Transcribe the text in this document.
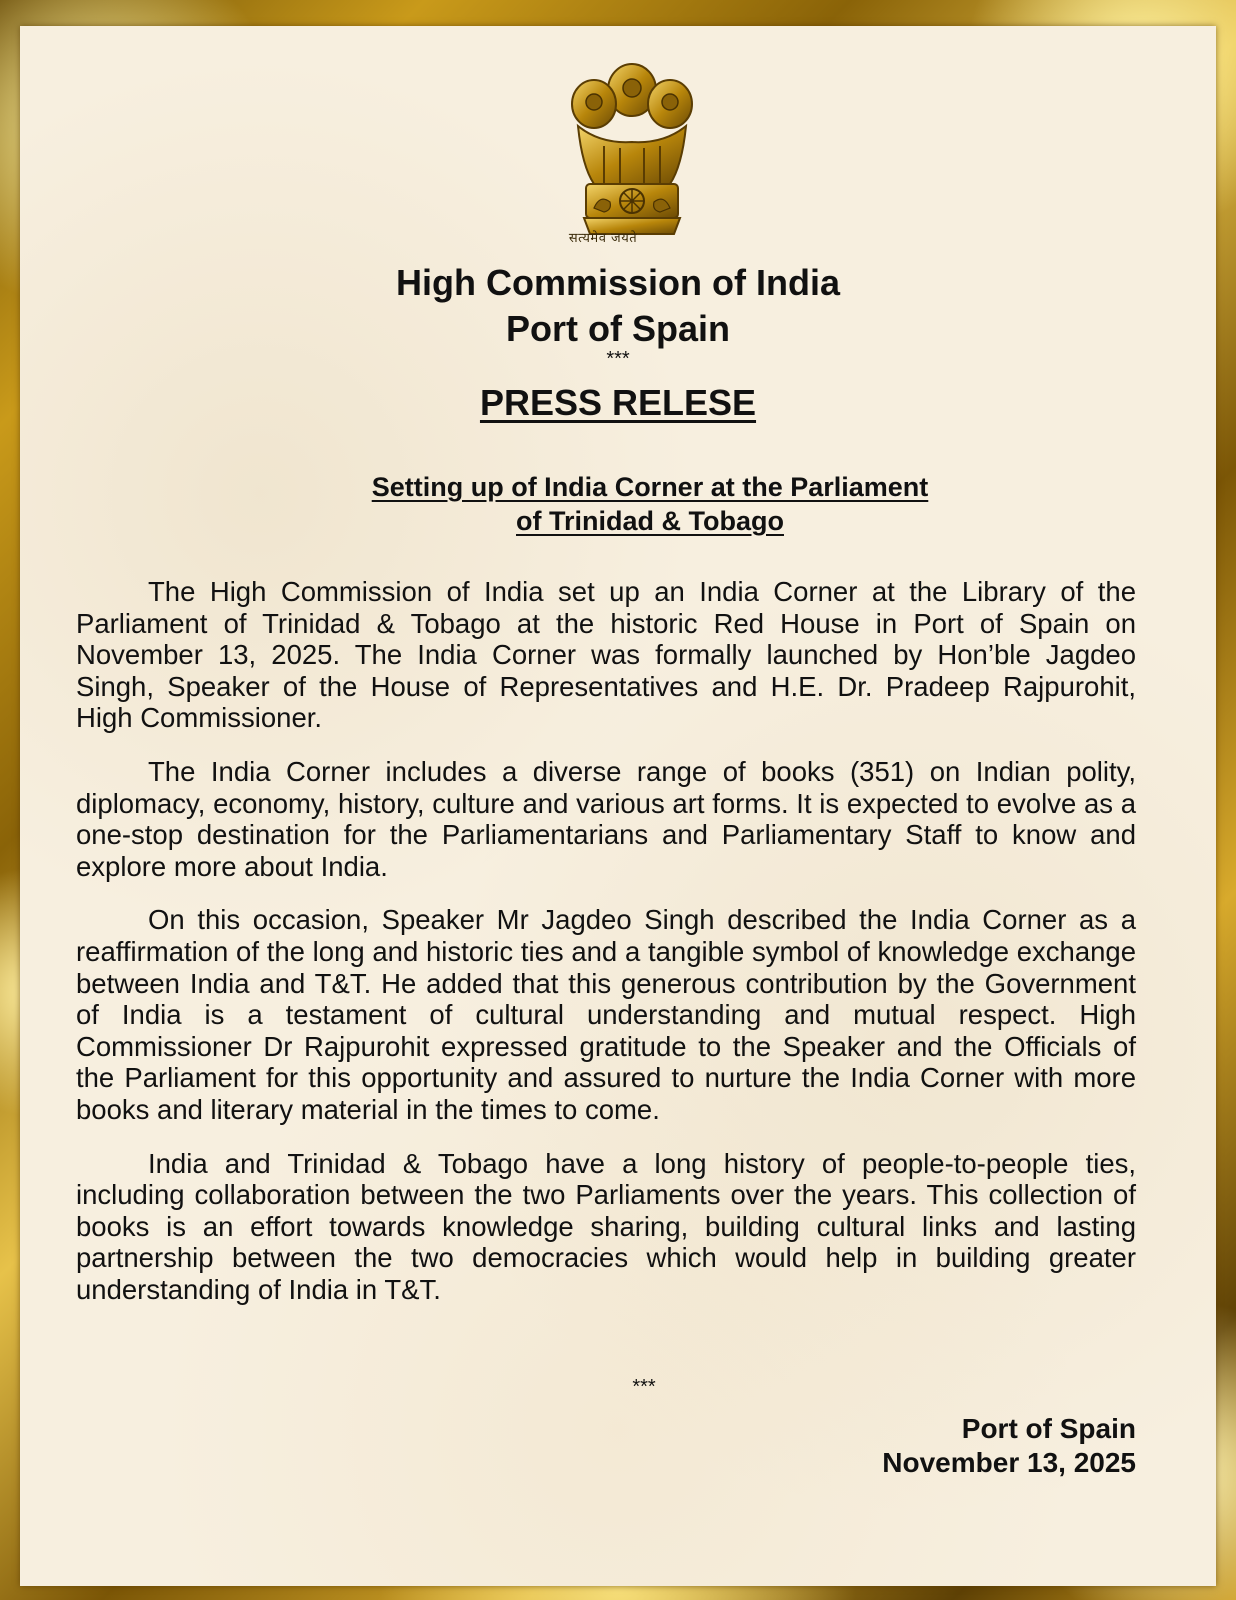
सत्यमेव जयते
High Commission of India
Port of Spain
***
PRESS RELESE
Setting up of India Corner at the Parliament
of Trinidad & Tobago

The High Commission of India set up an India Corner at the Library of the Parliament of Trinidad & Tobago at the historic Red House in Port of Spain on November 13, 2025. The India Corner was formally launched by Hon’ble Jagdeo Singh, Speaker of the House of Representatives and H.E. Dr. Pradeep Rajpurohit, High Commissioner.

The India Corner includes a diverse range of books (351) on Indian polity, diplomacy, economy, history, culture and various art forms. It is expected to evolve as a one-stop destination for the Parliamentarians and Parliamentary Staff to know and explore more about India.

On this occasion, Speaker Mr Jagdeo Singh described the India Corner as a reaffirmation of the long and historic ties and a tangible symbol of knowledge exchange between India and T&T. He added that this generous contribution by the Government of India is a testament of cultural understanding and mutual respect. High Commissioner Dr Rajpurohit expressed gratitude to the Speaker and the Officials of the Parliament for this opportunity and assured to nurture the India Corner with more books and literary material in the times to come.

India and Trinidad & Tobago have a long history of people-to-people ties, including collaboration between the two Parliaments over the years. This collection of books is an effort towards knowledge sharing, building cultural links and lasting partnership between the two democracies which would help in building greater understanding of India in T&T.

***
Port of Spain
November 13, 2025
